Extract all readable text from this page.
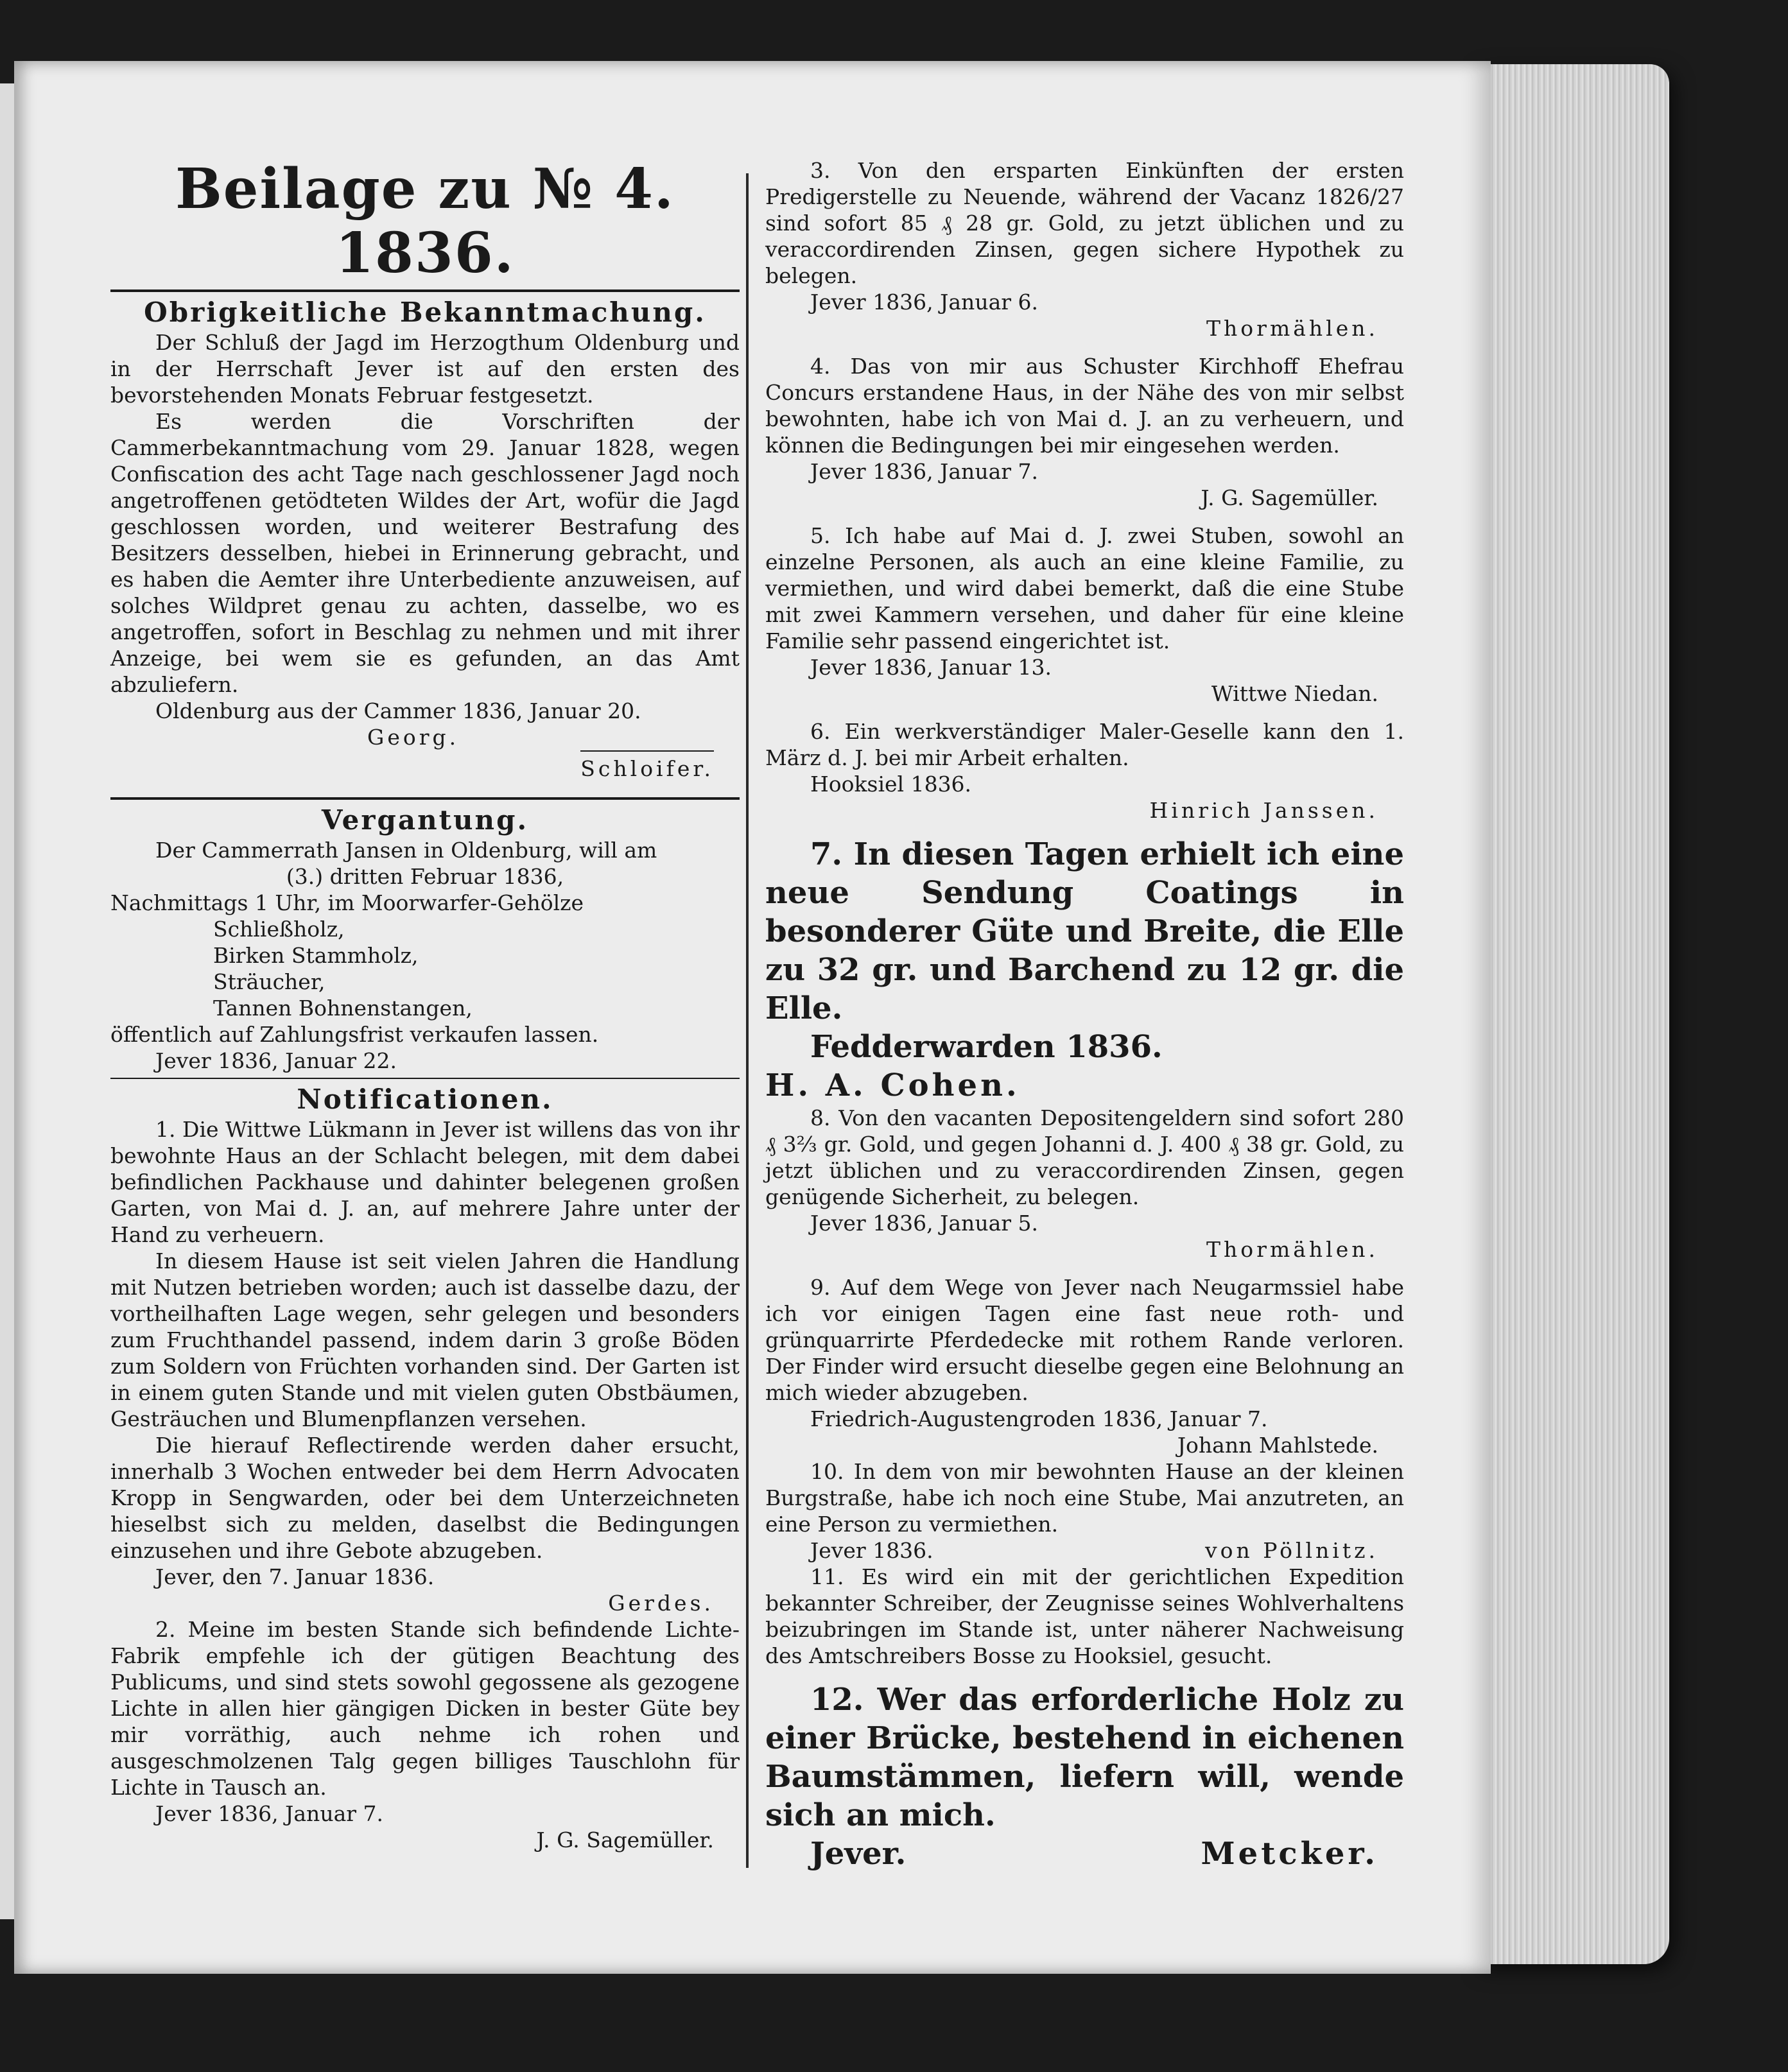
Beilage zu № 4. 1836.
Obrigkeitliche Bekanntmachung.

Der Schluß der Jagd im Herzogthum Oldenburg und in der Herrschaft Jever ist auf den ersten des bevorstehenden Monats Februar festgesetzt.

Es werden die Vorschriften der Cammerbekanntmachung vom 29. Januar 1828, wegen Confiscation des acht Tage nach geschlossener Jagd noch angetroffenen getödteten Wildes der Art, wofür die Jagd geschlossen worden, und weiterer Bestrafung des Besitzers desselben, hiebei in Erinnerung gebracht, und es haben die Aemter ihre Unterbediente anzuweisen, auf solches Wildpret genau zu achten, dasselbe, wo es angetroffen, sofort in Beschlag zu nehmen und mit ihrer Anzeige, bei wem sie es gefunden, an das Amt abzuliefern.

Oldenburg aus der Cammer 1836, Januar 20.

Georg.

Schloifer.

Vergantung.

Der Cammerrath Jansen in Oldenburg, will am

(3.) dritten Februar 1836,

Nachmittags 1 Uhr, im Moorwarfer-Gehölze

Schließholz,

Birken Stammholz,

Sträucher,

Tannen Bohnenstangen,

öffentlich auf Zahlungsfrist verkaufen lassen.

Jever 1836, Januar 22.

Notificationen.

1. Die Wittwe Lükmann in Jever ist willens das von ihr bewohnte Haus an der Schlacht belegen, mit dem dabei befindlichen Packhause und dahinter belegenen großen Garten, von Mai d. J. an, auf mehrere Jahre unter der Hand zu verheuern.

In diesem Hause ist seit vielen Jahren die Handlung mit Nutzen betrieben worden; auch ist dasselbe dazu, der vortheilhaften Lage wegen, sehr gelegen und besonders zum Fruchthandel passend, indem darin 3 große Böden zum Soldern von Früchten vorhanden sind. Der Garten ist in einem guten Stande und mit vielen guten Obstbäumen, Gesträuchen und Blumenpflanzen versehen.

Die hierauf Reflectirende werden daher ersucht, innerhalb 3 Wochen entweder bei dem Herrn Advocaten Kropp in Sengwarden, oder bei dem Unterzeichneten hieselbst sich zu melden, daselbst die Bedingungen einzusehen und ihre Gebote abzugeben.

Jever, den 7. Januar 1836.

Gerdes.

2. Meine im besten Stande sich befindende Lichte-Fabrik empfehle ich der gütigen Beachtung des Publicums, und sind stets sowohl gegossene als gezogene Lichte in allen hier gängigen Dicken in bester Güte bey mir vorräthig, auch nehme ich rohen und ausgeschmolzenen Talg gegen billiges Tauschlohn für Lichte in Tausch an.

Jever 1836, Januar 7.

J. G. Sagemüller.

3. Von den ersparten Einkünften der ersten Predigerstelle zu Neuende, während der Vacanz 1826/27 sind sofort 85 ₰ 28 gr. Gold, zu jetzt üblichen und zu veraccordirenden Zinsen, gegen sichere Hypothek zu belegen.

Jever 1836, Januar 6.

Thormählen.

4. Das von mir aus Schuster Kirchhoff Ehefrau Concurs erstandene Haus, in der Nähe des von mir selbst bewohnten, habe ich von Mai d. J. an zu verheuern, und können die Bedingungen bei mir eingesehen werden.

Jever 1836, Januar 7.

J. G. Sagemüller.

5. Ich habe auf Mai d. J. zwei Stuben, sowohl an einzelne Personen, als auch an eine kleine Familie, zu vermiethen, und wird dabei bemerkt, daß die eine Stube mit zwei Kammern versehen, und daher für eine kleine Familie sehr passend eingerichtet ist.

Jever 1836, Januar 13.

Wittwe Niedan.

6. Ein werkverständiger Maler-Geselle kann den 1. März d. J. bei mir Arbeit erhalten.

Hooksiel 1836.

Hinrich Janssen.

7. In diesen Tagen erhielt ich eine neue Sendung Coatings in besonderer Güte und Breite, die Elle zu 32 gr. und Barchend zu 12 gr. die Elle.

Fedderwarden 1836.

H. A. Cohen.

8. Von den vacanten Depositengeldern sind sofort 280 ₰ 3⅔ gr. Gold, und gegen Johanni d. J. 400 ₰ 38 gr. Gold, zu jetzt üblichen und zu veraccordirenden Zinsen, gegen genügende Sicherheit, zu belegen.

Jever 1836, Januar 5.

Thormählen.

9. Auf dem Wege von Jever nach Neugarmssiel habe ich vor einigen Tagen eine fast neue roth- und grünquarrirte Pferdedecke mit rothem Rande verloren. Der Finder wird ersucht dieselbe gegen eine Belohnung an mich wieder abzugeben.

Friedrich-Augustengroden 1836, Januar 7.

Johann Mahlstede.

10. In dem von mir bewohnten Hause an der kleinen Burgstraße, habe ich noch eine Stube, Mai anzutreten, an eine Person zu vermiethen.

Jever 1836.	von Pöllnitz.

11. Es wird ein mit der gerichtlichen Expedition bekannter Schreiber, der Zeugnisse seines Wohlverhaltens beizubringen im Stande ist, unter näherer Nachweisung des Amtschreibers Bosse zu Hooksiel, gesucht.

12. Wer das erforderliche Holz zu einer Brücke, bestehend in eichenen Baumstämmen, liefern will, wende sich an mich.

Jever.	Metcker.
